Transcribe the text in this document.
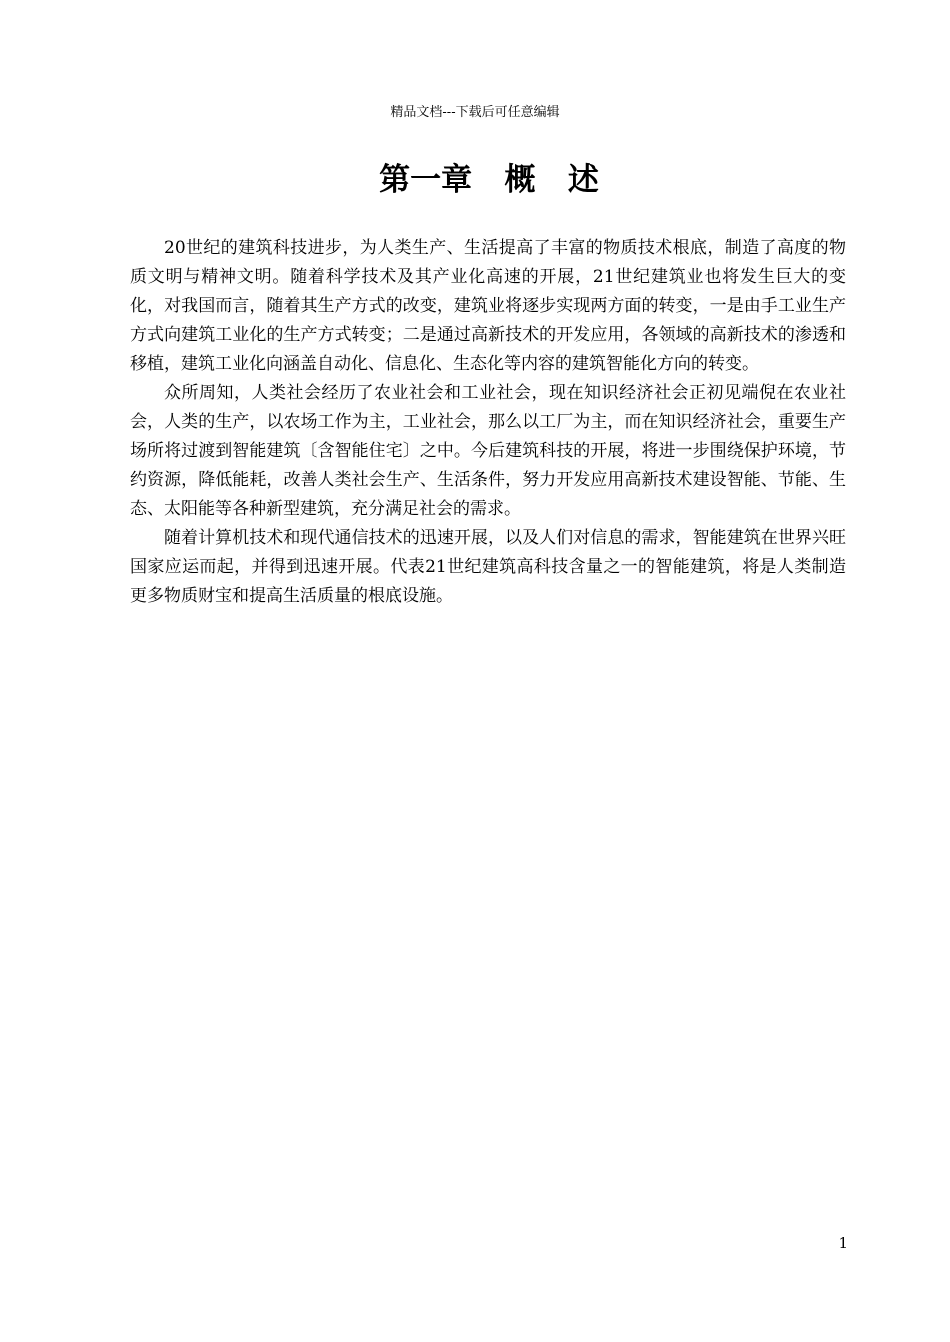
精品文档---下载后可任意编辑
第一章   概   述

20世纪的建筑科技进步，为人类生产、生活提高了丰富的物质技术根底，制造了高度的物质文明与精神文明。随着科学技术及其产业化高速的开展，21世纪建筑业也将发生巨大的变化，对我国而言，随着其生产方式的改变，建筑业将逐步实现两方面的转变，一是由手工业生产方式向建筑工业化的生产方式转变；二是通过高新技术的开发应用，各领域的高新技术的渗透和移植，建筑工业化向涵盖自动化、信息化、生态化等内容的建筑智能化方向的转变。

众所周知，人类社会经历了农业社会和工业社会，现在知识经济社会正初见端倪在农业社会，人类的生产，以农场工作为主，工业社会，那么以工厂为主，而在知识经济社会，重要生产场所将过渡到智能建筑〔含智能住宅〕之中。今后建筑科技的开展，将进一步围绕保护环境，节约资源，降低能耗，改善人类社会生产、生活条件，努力开发应用高新技术建设智能、节能、生态、太阳能等各种新型建筑，充分满足社会的需求。

随着计算机技术和现代通信技术的迅速开展，以及人们对信息的需求，智能建筑在世界兴旺国家应运而起，并得到迅速开展。代表21世纪建筑高科技含量之一的智能建筑，将是人类制造更多物质财宝和提高生活质量的根底设施。

1
